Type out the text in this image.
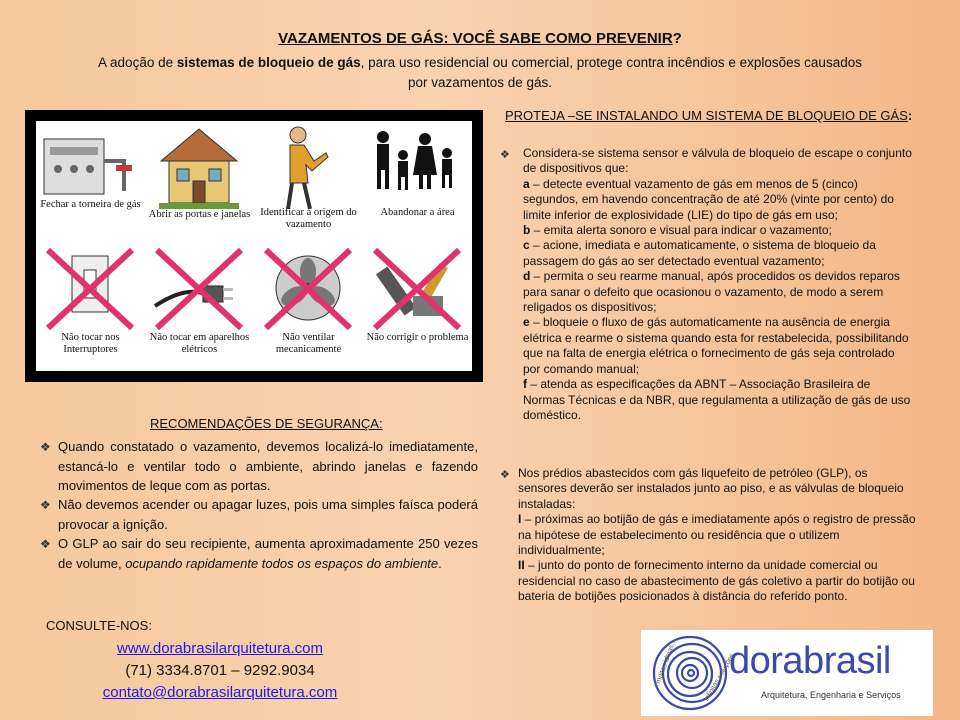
VAZAMENTOS DE GÁS: VOCÊ SABE COMO PREVENIR?
A adoção de sistemas de bloqueio de gás, para uso residencial ou comercial, protege contra incêndios e explosões causados por vazamentos de gás.
Fechar a torneira de gás
Abrir as portas e janelas Identificar a origem do vazamento
Abandonar a área
Não tocar nos Interruptores
Não tocar em aparelhos elétricos
Não ventilar mecanicamente
Não corrigir o problema
PROTEJA –SE INSTALANDO UM SISTEMA DE BLOQUEIO DE GÁS:
❖ Considera-se sistema sensor e válvula de bloqueio de escape o conjunto de dispositivos que:
a – detecte eventual vazamento de gás em menos de 5 (cinco) segundos, em havendo concentração de até 20% (vinte por cento) do limite inferior de explosividade (LIE) do tipo de gás em uso;
b – emita alerta sonoro e visual para indicar o vazamento;
c – acione, imediata e automaticamente, o sistema de bloqueio da passagem do gás ao ser detectado eventual vazamento;
d – permita o seu rearme manual, após procedidos os devidos reparos para sanar o defeito que ocasionou o vazamento, de modo a serem religados os dispositivos;
e – bloqueie o fluxo de gás automaticamente na ausência de energia elétrica e rearme o sistema quando esta for restabelecida, possibilitando que na falta de energia elétrica o fornecimento de gás seja controlado por comando manual;
f – atenda as especificações da ABNT – Associação Brasileira de Normas Técnicas e da NBR, que regulamenta a utilização de gás de uso doméstico.
❖ Nos prédios abastecidos com gás liquefeito de petróleo (GLP), os sensores deverão ser instalados junto ao piso, e as válvulas de bloqueio instaladas:
I – próximas ao botijão de gás e imediatamente após o registro de pressão na hipótese de estabelecimento ou residência que o utilizem individualmente;
II – junto do ponto de fornecimento interno da unidade comercial ou residencial no caso de abastecimento de gás coletivo a partir do botijão ou bateria de botijões posicionados à distância do referido ponto.
RECOMENDAÇÕES DE SEGURANÇA:
❖ Quando constatado o vazamento, devemos localizá-lo imediatamente, estancá-lo e ventilar todo o ambiente, abrindo janelas e fazendo movimentos de leque com as portas.
❖ Não devemos acender ou apagar luzes, pois uma simples faísca poderá provocar a ignição.
❖ O GLP ao sair do seu recipiente, aumenta aproximadamente 250 vezes de volume, ocupando rapidamente todos os espaços do ambiente.
CONSULTE-NOS:
www.dorabrasilarquitetura.com
(71) 3334.8701 – 9292.9034
contato@dorabrasilarquitetura.com
muitas ideias...	infinitas soluções
dorabrasil
Arquitetura, Engenharia e Serviços
